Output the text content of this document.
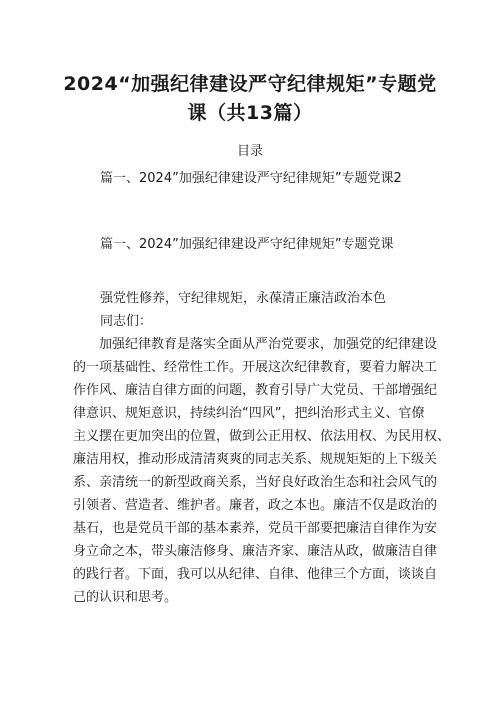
2024“加强纪律建设严守纪律规矩”专题党
课（共13篇）
目录
篇一、2024”加强纪律建设严守纪律规矩”专题党课2
篇一、2024”加强纪律建设严守纪律规矩”专题党课
强党性修养，守纪律规矩，永葆清正廉洁政治本色
同志们：
加强纪律教育是落实全面从严治党要求，加强党的纪律建设
的一项基础性、经常性工作。开展这次纪律教育，要着力解决工
作作风、廉洁自律方面的问题，教育引导广大党员、干部增强纪
律意识、规矩意识，持续纠治“四风”，把纠治形式主义、官僚
主义摆在更加突出的位置，做到公正用权、依法用权、为民用权、
廉洁用权，推动形成清清爽爽的同志关系、规规矩矩的上下级关
系、亲清统一的新型政商关系，当好良好政治生态和社会风气的
引领者、营造者、维护者。廉者，政之本也。廉洁不仅是政治的
基石，也是党员干部的基本素养，党员干部要把廉洁自律作为安
身立命之本，带头廉洁修身、廉洁齐家、廉洁从政，做廉洁自律
的践行者。下面，我可以从纪律、自律、他律三个方面，谈谈自
己的认识和思考。
